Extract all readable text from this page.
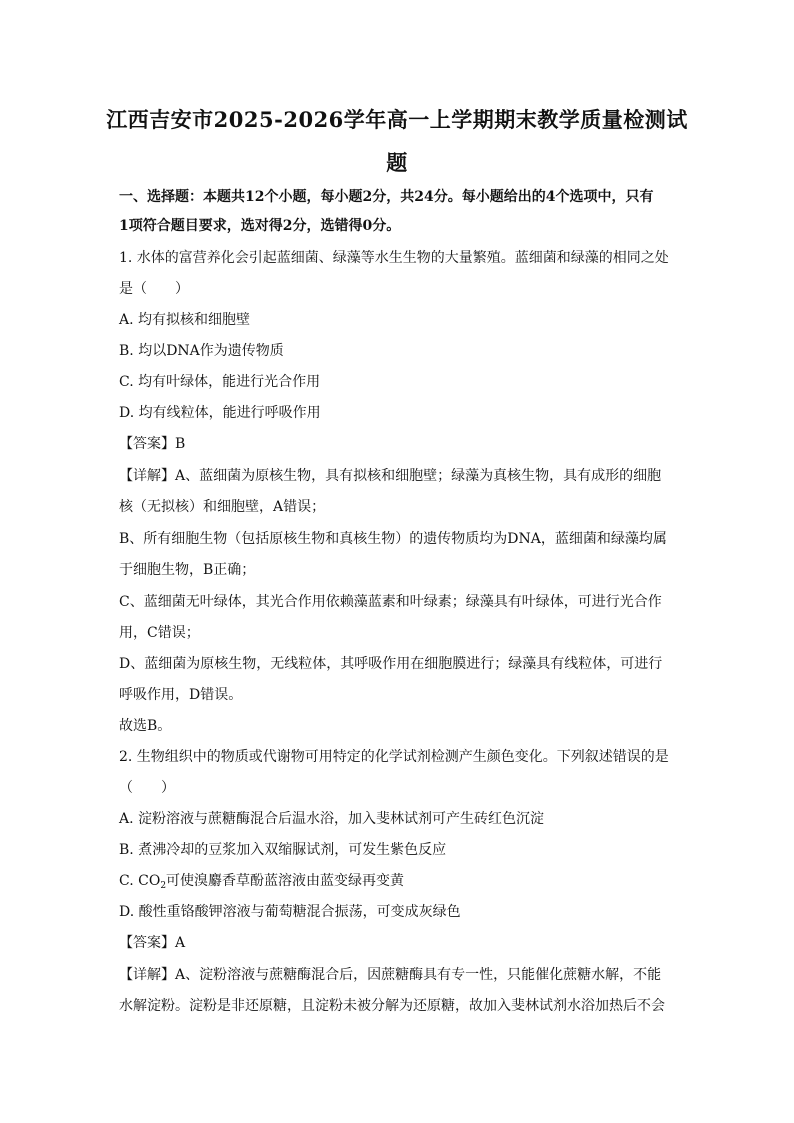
江西吉安市2025-2026学年高一上学期期末教学质量检测试
题

一、选择题：本题共12个小题，每小题2分，共24分。每小题给出的4个选项中，只有

1项符合题目要求，选对得2分，选错得0分。

1. 水体的富营养化会引起蓝细菌、绿藻等水生生物的大量繁殖。蓝细菌和绿藻的相同之处

是（　　）

A. 均有拟核和细胞壁

B. 均以DNA作为遗传物质

C. 均有叶绿体，能进行光合作用

D. 均有线粒体，能进行呼吸作用

【答案】B

【详解】A、蓝细菌为原核生物，具有拟核和细胞壁；绿藻为真核生物，具有成形的细胞

核（无拟核）和细胞壁，A错误；

B、所有细胞生物（包括原核生物和真核生物）的遗传物质均为DNA，蓝细菌和绿藻均属

于细胞生物，B正确；

C、蓝细菌无叶绿体，其光合作用依赖藻蓝素和叶绿素；绿藻具有叶绿体，可进行光合作

用，C错误；

D、蓝细菌为原核生物，无线粒体，其呼吸作用在细胞膜进行；绿藻具有线粒体，可进行

呼吸作用，D错误。

故选B。

2. 生物组织中的物质或代谢物可用特定的化学试剂检测产生颜色变化。下列叙述错误的是

（　　）

A. 淀粉溶液与蔗糖酶混合后温水浴，加入斐林试剂可产生砖红色沉淀

B. 煮沸冷却的豆浆加入双缩脲试剂，可发生紫色反应

C. $CO_2$可使溴麝香草酚蓝溶液由蓝变绿再变黄

D. 酸性重铬酸钾溶液与葡萄糖混合振荡，可变成灰绿色

【答案】A

【详解】A、淀粉溶液与蔗糖酶混合后，因蔗糖酶具有专一性，只能催化蔗糖水解，不能

水解淀粉。淀粉是非还原糖，且淀粉未被分解为还原糖，故加入斐林试剂水浴加热后不会
